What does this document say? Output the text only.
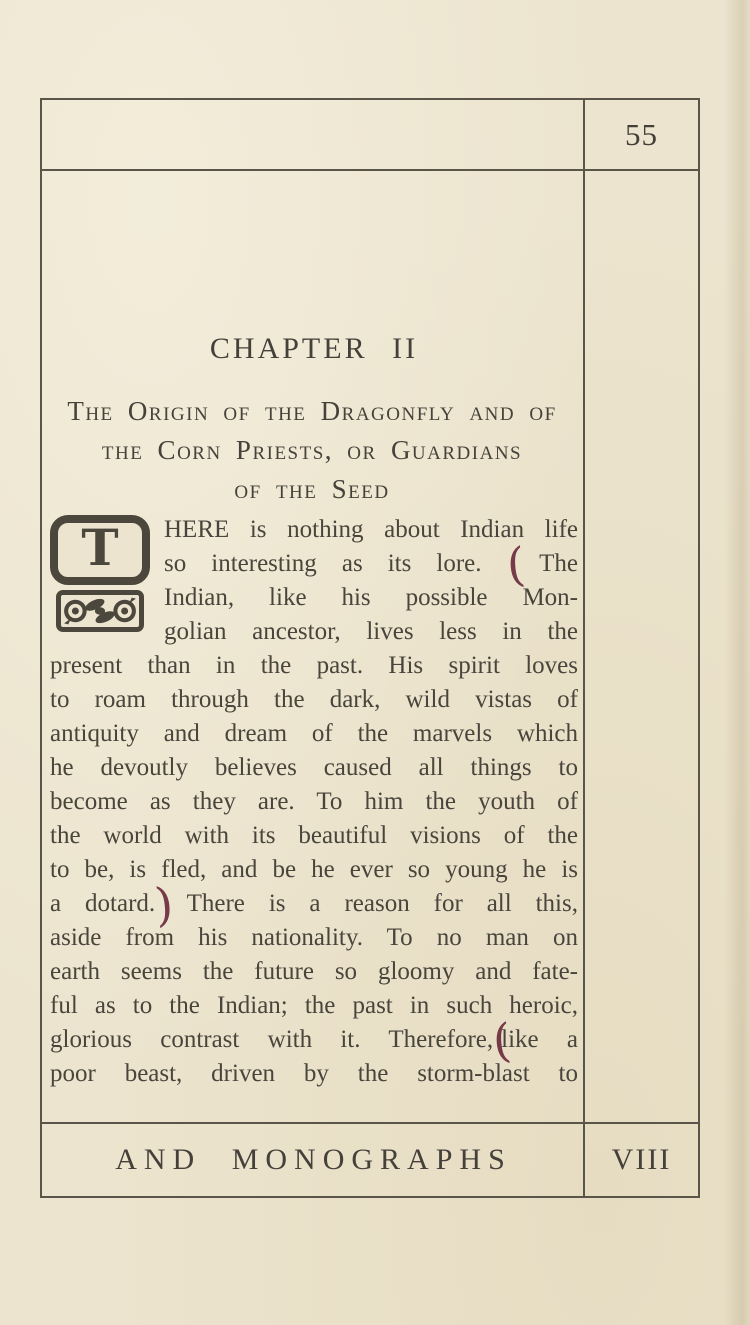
55
CHAPTER II
The Origin of the Dragonfly and of
the Corn Priests, or Guardians
of the Seed
T	HERE is nothing about Indian life
so interesting as its lore. ( The
Indian, like his possible Mon-
golian ancestor, lives less in the
present than in the past. His spirit loves
to roam through the dark, wild vistas of
antiquity and dream of the marvels which
he devoutly believes caused all things to
become as they are. To him the youth of
the world with its beautiful visions of the
to be, is fled, and be he ever so young he is
a dotard.) There is a reason for all this,
aside from his nationality. To no man on
earth seems the future so gloomy and fate-
ful as to the Indian; the past in such heroic,
glorious contrast with it. Therefore,(like a
poor beast, driven by the storm-blast to
AND MONOGRAPHS	VIII
